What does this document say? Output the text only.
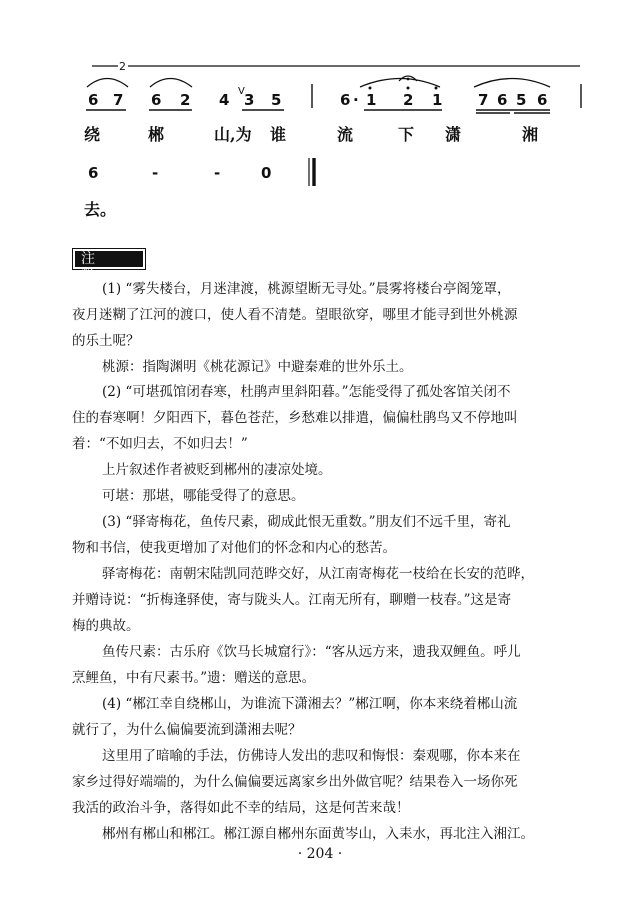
2
6 7 6 2 4 V 3 5	6 · 1 2 1 7 6 5 6
绕	郴	山,为 谁	流	下 潇	湘
6	-	-	0
去。
注 释
(1) “雾失楼台，月迷津渡，桃源望断无寻处。”晨雾将楼台亭阁笼罩，
夜月迷糊了江河的渡口，使人看不清楚。望眼欲穿，哪里才能寻到世外桃源
的乐土呢？
桃源：指陶渊明《桃花源记》中避秦难的世外乐土。
(2) “可堪孤馆闭春寒，杜鹃声里斜阳暮。”怎能受得了孤处客馆关闭不
住的春寒啊！夕阳西下，暮色苍茫，乡愁难以排遣，偏偏杜鹃鸟又不停地叫
着：“不如归去，不如归去！”
上片叙述作者被贬到郴州的凄凉处境。
可堪：那堪，哪能受得了的意思。
(3) “驿寄梅花，鱼传尺素，砌成此恨无重数。”朋友们不远千里，寄礼
物和书信，使我更增加了对他们的怀念和内心的愁苦。
驿寄梅花：南朝宋陆凯同范晔交好，从江南寄梅花一枝给在长安的范晔，
并赠诗说：“折梅逢驿使，寄与陇头人。江南无所有，聊赠一枝春。”这是寄
梅的典故。
鱼传尺素：古乐府《饮马长城窟行》：“客从远方来，遗我双鲤鱼。呼儿
烹鲤鱼，中有尺素书。”遗：赠送的意思。
(4) “郴江幸自绕郴山，为谁流下潇湘去？”郴江啊，你本来绕着郴山流
就行了，为什么偏偏要流到潇湘去呢？
这里用了暗喻的手法，仿佛诗人发出的悲叹和悔恨：秦观哪，你本来在
家乡过得好端端的，为什么偏偏要远离家乡出外做官呢？结果卷入一场你死
我活的政治斗争，落得如此不幸的结局，这是何苦来哉！
郴州有郴山和郴江。郴江源自郴州东面黄岑山，入耒水，再北注入湘江。
· 204 ·
